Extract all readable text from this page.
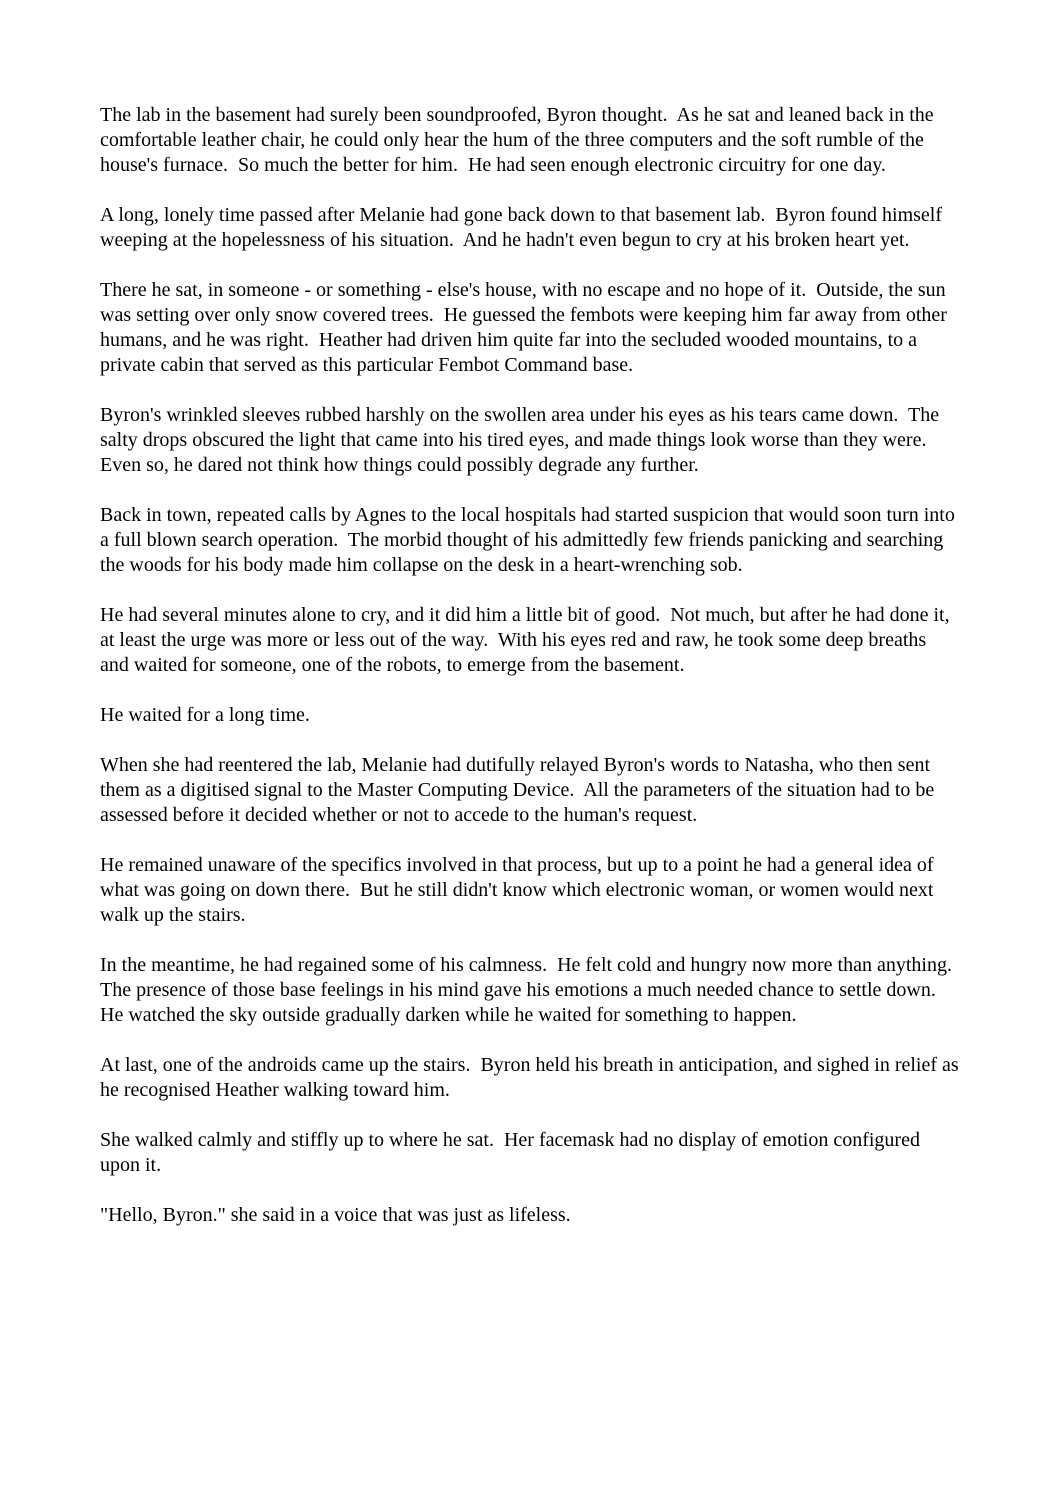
The lab in the basement had surely been soundproofed, Byron thought.  As he sat and leaned back in the comfortable leather chair, he could only hear the hum of the three computers and the soft rumble of the house's furnace.  So much the better for him.  He had seen enough electronic circuitry for one day.

A long, lonely time passed after Melanie had gone back down to that basement lab.  Byron found himself weeping at the hopelessness of his situation.  And he hadn't even begun to cry at his broken heart yet.

There he sat, in someone - or something - else's house, with no escape and no hope of it.  Outside, the sun was setting over only snow covered trees.  He guessed the fembots were keeping him far away from other humans, and he was right.  Heather had driven him quite far into the secluded wooded mountains, to a private cabin that served as this particular Fembot Command base.

Byron's wrinkled sleeves rubbed harshly on the swollen area under his eyes as his tears came down.  The salty drops obscured the light that came into his tired eyes, and made things look worse than they were.  Even so, he dared not think how things could possibly degrade any further.

Back in town, repeated calls by Agnes to the local hospitals had started suspicion that would soon turn into a full blown search operation.  The morbid thought of his admittedly few friends panicking and searching the woods for his body made him collapse on the desk in a heart-wrenching sob.

He had several minutes alone to cry, and it did him a little bit of good.  Not much, but after he had done it, at least the urge was more or less out of the way.  With his eyes red and raw, he took some deep breaths and waited for someone, one of the robots, to emerge from the basement.

He waited for a long time.

When she had reentered the lab, Melanie had dutifully relayed Byron's words to Natasha, who then sent them as a digitised signal to the Master Computing Device.  All the parameters of the situation had to be assessed before it decided whether or not to accede to the human's request.

He remained unaware of the specifics involved in that process, but up to a point he had a general idea of what was going on down there.  But he still didn't know which electronic woman, or women would next walk up the stairs.

In the meantime, he had regained some of his calmness.  He felt cold and hungry now more than anything.  The presence of those base feelings in his mind gave his emotions a much needed chance to settle down.  He watched the sky outside gradually darken while he waited for something to happen.

At last, one of the androids came up the stairs.  Byron held his breath in anticipation, and sighed in relief as he recognised Heather walking toward him.

She walked calmly and stiffly up to where he sat.  Her facemask had no display of emotion configured upon it.

"Hello, Byron." she said in a voice that was just as lifeless.
